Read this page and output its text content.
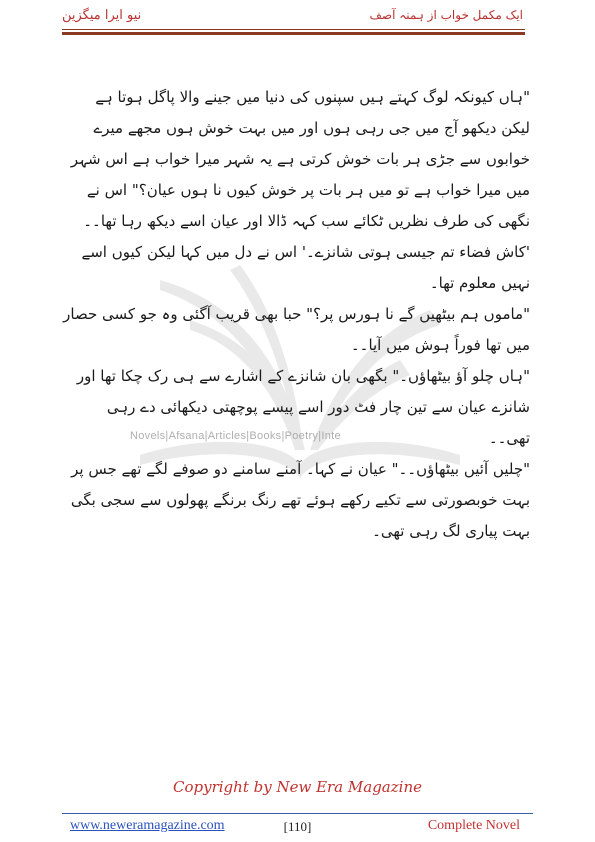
نیو ایرا میگزین	ایک مکمل خواب از ہمنہ آصف
Novels|Afsana|Articles|Books|Poetry|Inte

"ہاں کیونکہ لوگ کہتے ہیں سپنوں کی دنیا میں جینے والا پاگل ہوتا ہے لیکن دیکھو آج میں جی رہی ہوں اور میں بہت خوش ہوں مجھے میرے خوابوں سے جڑی ہر بات خوش کرتی ہے یہ شہر میرا خواب ہے اس شہر میں میرا خواب ہے تو میں ہر بات پر خوش کیوں نا ہوں عیان؟" اس نے نگھی کی طرف نظریں ٹکائے سب کہہ ڈالا اور عیان اسے دیکھ رہا تھا۔۔

'کاش فضاء تم جیسی ہوتی شانزے۔' اس نے دل میں کہا لیکن کیوں اسے نہیں معلوم تھا۔

"ماموں ہم بیٹھیں گے نا ہورس پر؟" حبا بھی قریب آگئی وہ جو کسی حصار میں تھا فوراً ہوش میں آیا۔۔

"ہاں چلو آؤ بیٹھاؤں۔" بگھی بان شانزے کے اشارے سے ہی رک چکا تھا اور شانزے عیان سے تین چار فٹ دور اسے پیسے پوچھتی دیکھائی دے رہی تھی۔۔

"چلیں آئیں بیٹھاؤں۔۔" عیان نے کہا۔ آمنے سامنے دو صوفے لگے تھے جس پر بہت خوبصورتی سے تکیے رکھے ہوئے تھے رنگ برنگے پھولوں سے سجی بگی بہت پیاری لگ رہی تھی۔

Copyright by New Era Magazine
www.neweramagazine.com	[110]	Complete Novel
